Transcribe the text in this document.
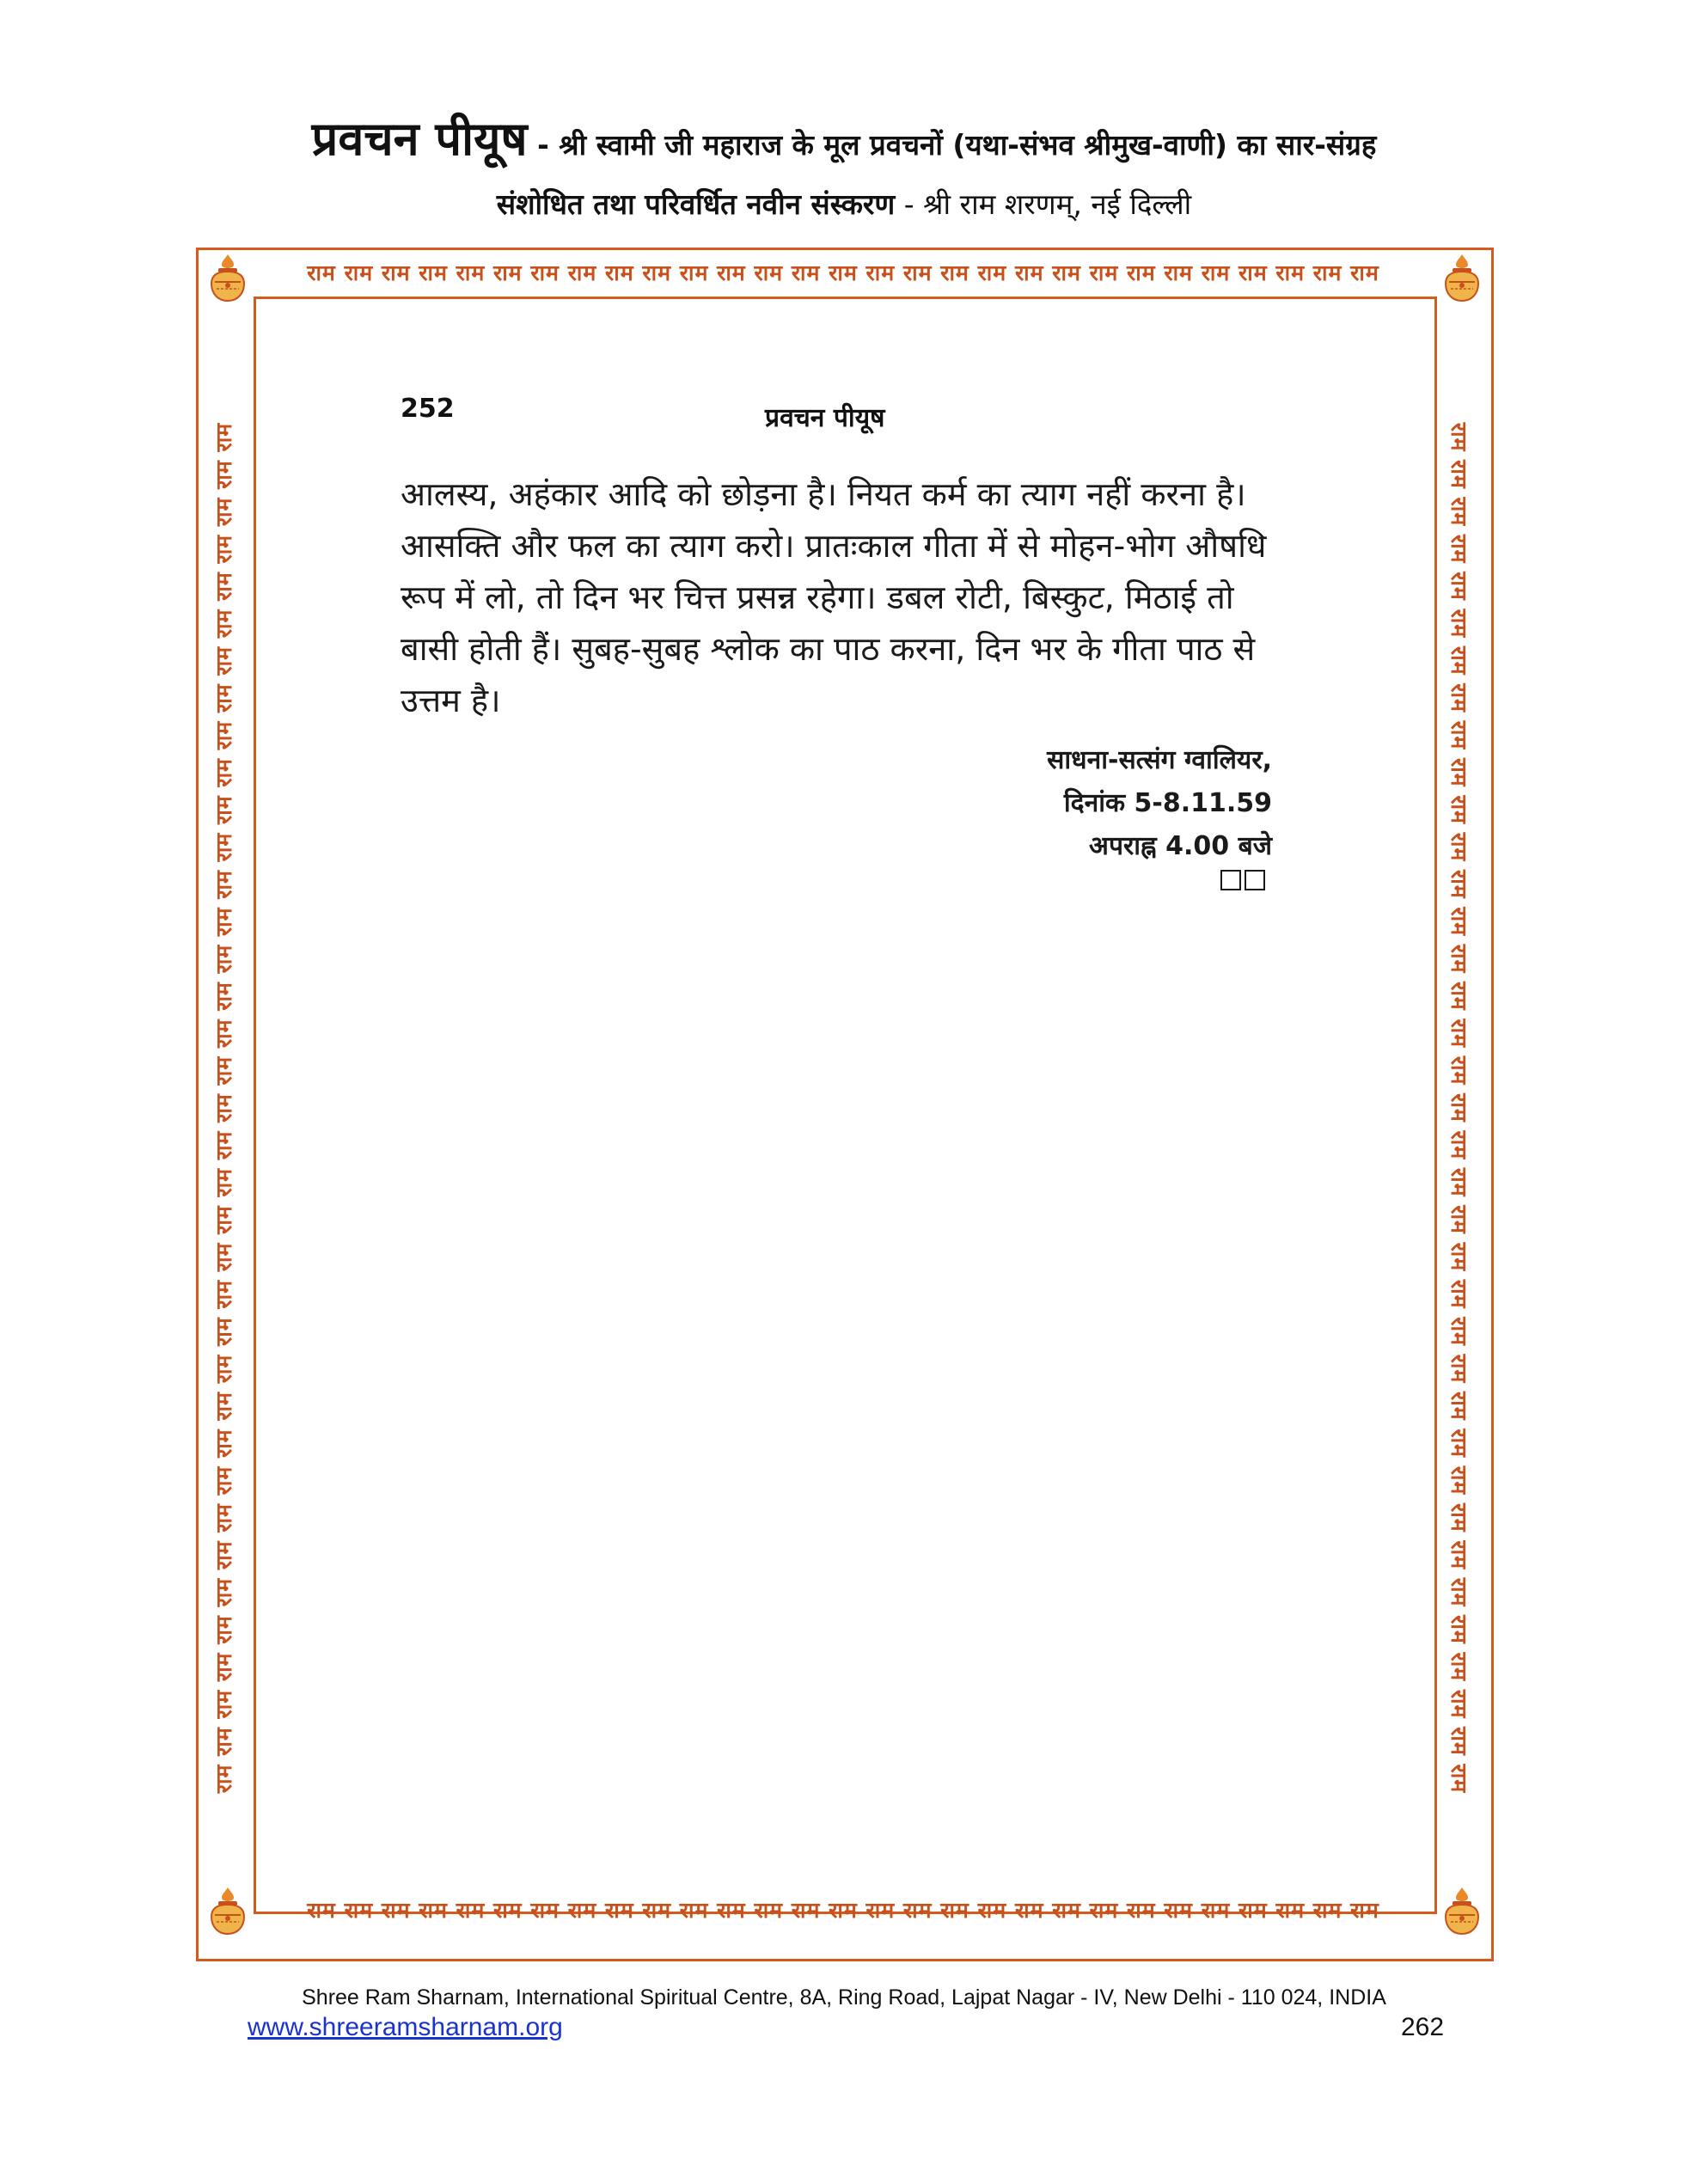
प्रवचन पीयूष - श्री स्वामी जी महाराज के मूल प्रवचनों (यथा-संभव श्रीमुख-वाणी) का सार-संग्रह
संशोधित तथा परिवर्धित नवीन संस्करण - श्री राम शरणम्, नई दिल्ली
राम राम राम राम राम राम राम राम राम राम राम राम राम राम राम राम राम राम राम राम राम राम राम राम राम राम राम राम राम
राम राम राम राम राम राम राम राम राम राम राम राम राम राम राम राम राम राम राम राम राम राम राम राम राम राम राम राम राम
राम राम राम राम राम राम राम राम राम राम राम राम राम राम राम राम राम राम राम राम राम राम राम राम राम राम राम राम राम राम राम राम राम राम राम राम राम	राम राम राम राम राम राम राम राम राम राम राम राम राम राम राम राम राम राम राम राम राम राम राम राम राम राम राम राम राम राम राम राम राम राम राम राम राम
252	प्रवचन पीयूष
आलस्य, अहंकार आदि को छोड़ना है। नियत कर्म का त्याग नहीं करना है। आसक्ति और फल का त्याग करो। प्रातःकाल गीता में से मोहन-भोग औषधि रूप में लो, तो दिन भर चित्त प्रसन्न रहेगा। डबल रोटी, बिस्कुट, मिठाई तो बासी होती हैं। सुबह-सुबह श्लोक का पाठ करना, दिन भर के गीता पाठ से उत्तम है।
साधना-सत्संग ग्वालियर,
दिनांक 5-8.11.59
अपराह्न 4.00 बजे
Shree Ram Sharnam, International Spiritual Centre, 8A, Ring Road, Lajpat Nagar - IV, New Delhi - 110 024, INDIA
www.shreeramsharnam.org	262
